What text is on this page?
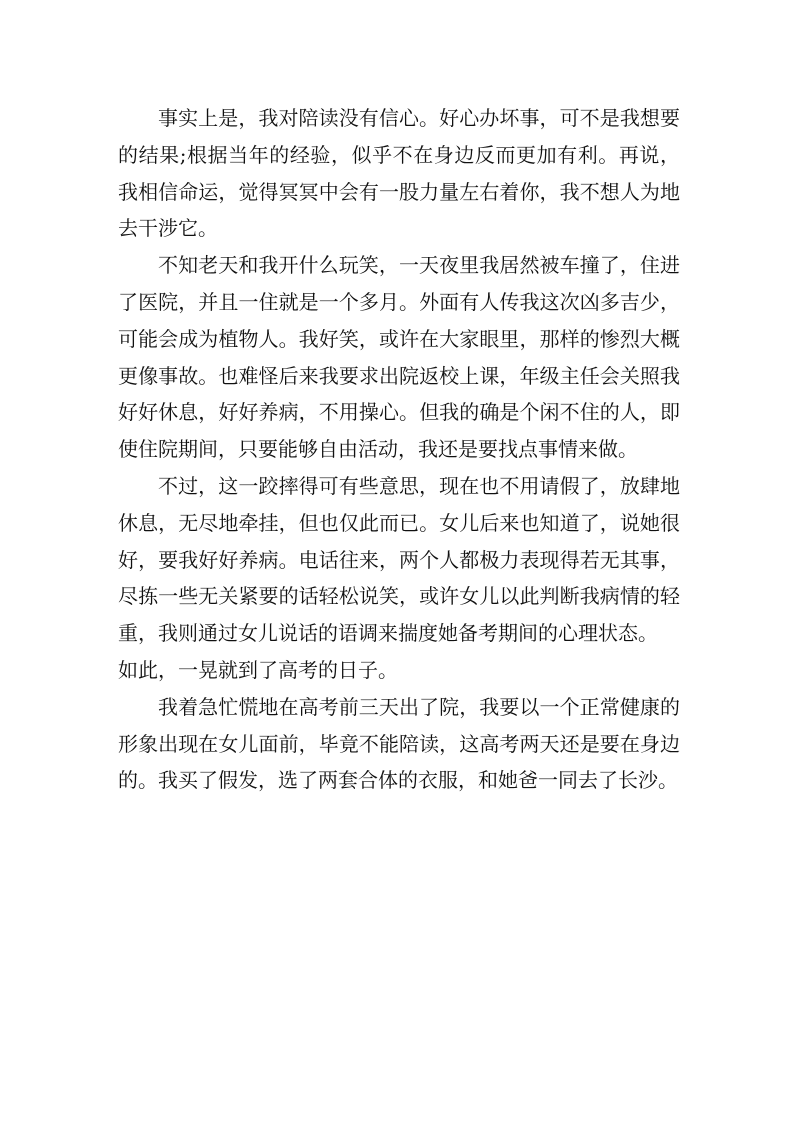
事实上是，我对陪读没有信心。好心办坏事，可不是我想要的结果;根据当年的经验，似乎不在身边反而更加有利。再说，我相信命运，觉得冥冥中会有一股力量左右着你，我不想人为地去干涉它。

不知老天和我开什么玩笑，一天夜里我居然被车撞了，住进了医院，并且一住就是一个多月。外面有人传我这次凶多吉少，可能会成为植物人。我好笑，或许在大家眼里，那样的惨烈大概更像事故。也难怪后来我要求出院返校上课，年级主任会关照我好好休息，好好养病，不用操心。但我的确是个闲不住的人，即使住院期间，只要能够自由活动，我还是要找点事情来做。

不过，这一跤摔得可有些意思，现在也不用请假了，放肆地休息，无尽地牵挂，但也仅此而已。女儿后来也知道了，说她很好，要我好好养病。电话往来，两个人都极力表现得若无其事，尽拣一些无关紧要的话轻松说笑，或许女儿以此判断我病情的轻重，我则通过女儿说话的语调来揣度她备考期间的心理状态。

如此，一晃就到了高考的日子。

我着急忙慌地在高考前三天出了院，我要以一个正常健康的形象出现在女儿面前，毕竟不能陪读，这高考两天还是要在身边的。我买了假发，选了两套合体的衣服，和她爸一同去了长沙。
